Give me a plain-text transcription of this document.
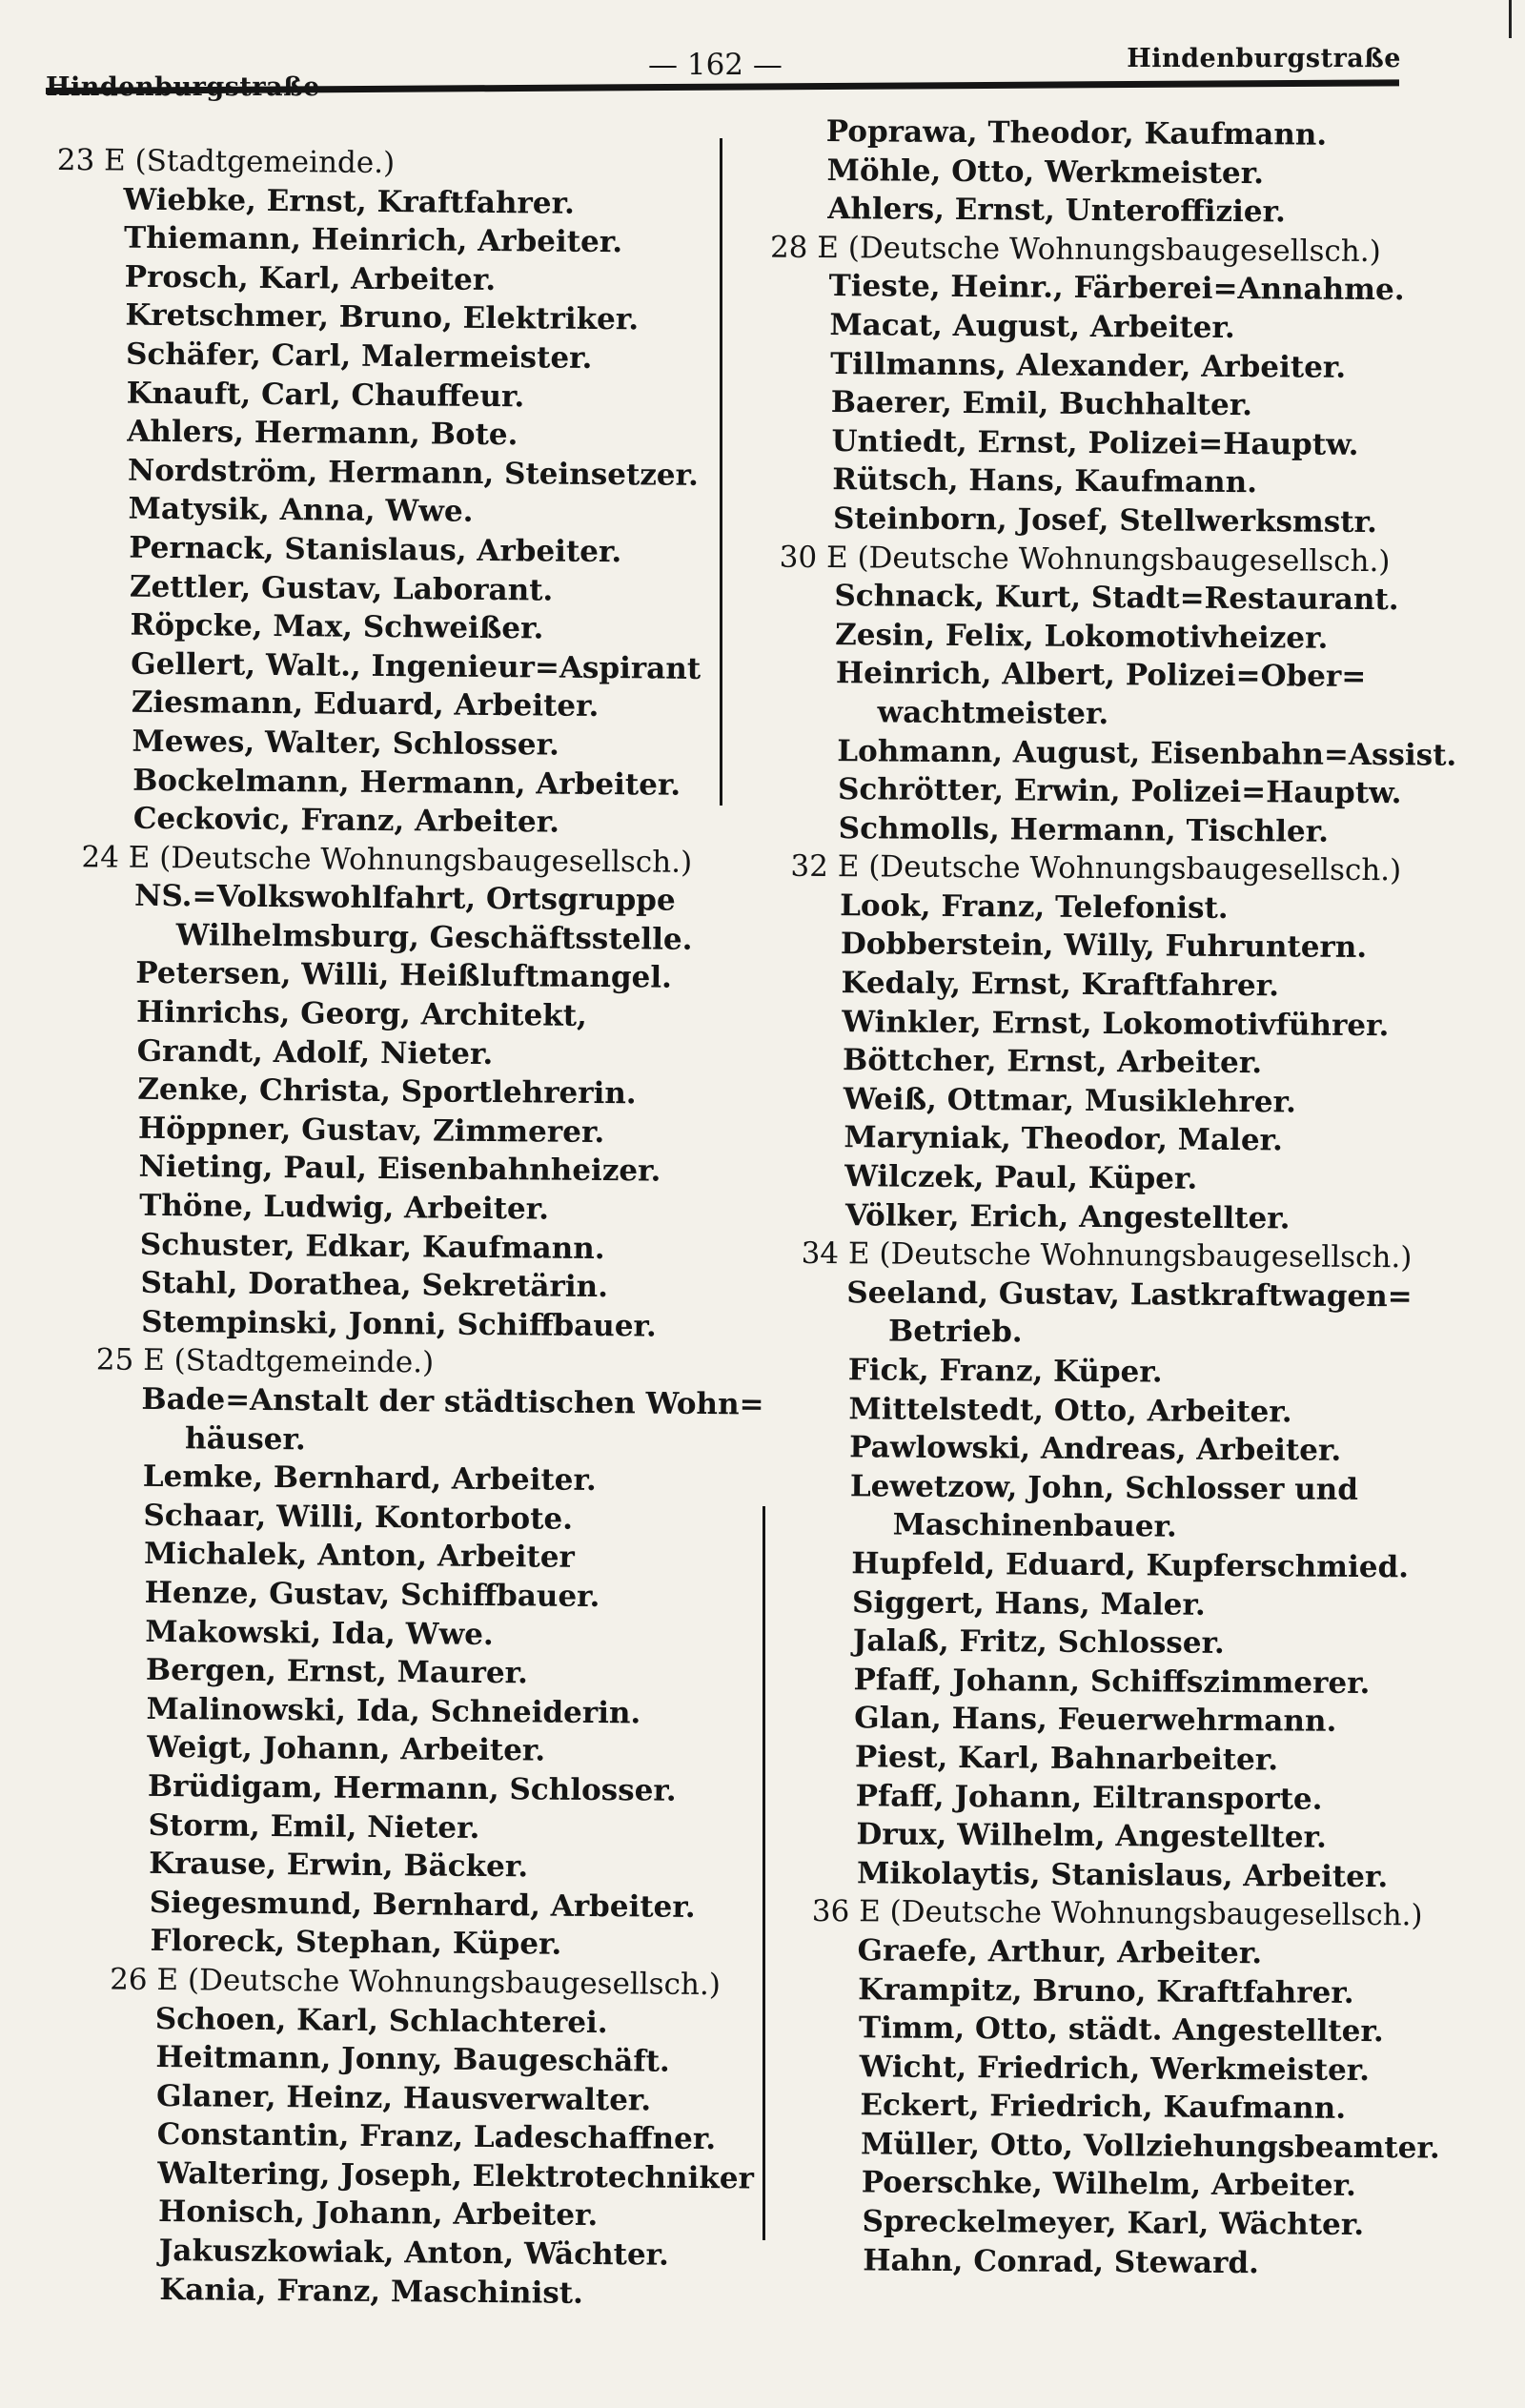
— 162 —	Hindenburgstraße
23 E (Stadtgemeinde.)
Wiebke, Ernst, Kraftfahrer.
Thiemann, Heinrich, Arbeiter.
Prosch, Karl, Arbeiter.
Kretschmer, Bruno, Elektriker.
Schäfer, Carl, Malermeister.
Knauft, Carl, Chauffeur.
Ahlers, Hermann, Bote.
Nordström, Hermann, Steinsetzer.
Matysik, Anna, Wwe.
Pernack, Stanislaus, Arbeiter.
Zettler, Gustav, Laborant.
Röpcke, Max, Schweißer.
Gellert, Walt., Ingenieur=Aspirant
Ziesmann, Eduard, Arbeiter.
Mewes, Walter, Schlosser.
Bockelmann, Hermann, Arbeiter.
Ceckovic, Franz, Arbeiter.
24 E (Deutsche Wohnungsbaugesellsch.)
NS.=Volkswohlfahrt, Ortsgruppe
Wilhelmsburg, Geschäftsstelle.
Petersen, Willi, Heißluftmangel.
Hinrichs, Georg, Architekt,
Grandt, Adolf, Nieter.
Zenke, Christa, Sportlehrerin.
Höppner, Gustav, Zimmerer.
Nieting, Paul, Eisenbahnheizer.
Thöne, Ludwig, Arbeiter.
Schuster, Edkar, Kaufmann.
Stahl, Dorathea, Sekretärin.
Stempinski, Jonni, Schiffbauer.
25 E (Stadtgemeinde.)
Bade=Anstalt der städtischen Wohn=
häuser.
Lemke, Bernhard, Arbeiter.
Schaar, Willi, Kontorbote.
Michalek, Anton, Arbeiter
Henze, Gustav, Schiffbauer.
Makowski, Ida, Wwe.
Bergen, Ernst, Maurer.
Malinowski, Ida, Schneiderin.
Weigt, Johann, Arbeiter.
Brüdigam, Hermann, Schlosser.
Storm, Emil, Nieter.
Krause, Erwin, Bäcker.
Siegesmund, Bernhard, Arbeiter.
Floreck, Stephan, Küper.
26 E (Deutsche Wohnungsbaugesellsch.)
Schoen, Karl, Schlachterei.
Heitmann, Jonny, Baugeschäft.
Glaner, Heinz, Hausverwalter.
Constantin, Franz, Ladeschaffner.
Waltering, Joseph, Elektrotechniker
Honisch, Johann, Arbeiter.
Jakuszkowiak, Anton, Wächter.
Kania, Franz, Maschinist.
Poprawa, Theodor, Kaufmann.
Möhle, Otto, Werkmeister.
Ahlers, Ernst, Unteroffizier.
28 E (Deutsche Wohnungsbaugesellsch.)
Tieste, Heinr., Färberei=Annahme.
Macat, August, Arbeiter.
Tillmanns, Alexander, Arbeiter.
Baerer, Emil, Buchhalter.
Untiedt, Ernst, Polizei=Hauptw.
Rütsch, Hans, Kaufmann.
Steinborn, Josef, Stellwerksmstr.
30 E (Deutsche Wohnungsbaugesellsch.)
Schnack, Kurt, Stadt=Restaurant.
Zesin, Felix, Lokomotivheizer.
Heinrich, Albert, Polizei=Ober=
wachtmeister.
Lohmann, August, Eisenbahn=Assist.
Schrötter, Erwin, Polizei=Hauptw.
Schmolls, Hermann, Tischler.
32 E (Deutsche Wohnungsbaugesellsch.)
Look, Franz, Telefonist.
Dobberstein, Willy, Fuhruntern.
Kedaly, Ernst, Kraftfahrer.
Winkler, Ernst, Lokomotivführer.
Böttcher, Ernst, Arbeiter.
Weiß, Ottmar, Musiklehrer.
Maryniak, Theodor, Maler.
Wilczek, Paul, Küper.
Völker, Erich, Angestellter.
34 E (Deutsche Wohnungsbaugesellsch.)
Seeland, Gustav, Lastkraftwagen=
Betrieb.
Fick, Franz, Küper.
Mittelstedt, Otto, Arbeiter.
Pawlowski, Andreas, Arbeiter.
Lewetzow, John, Schlosser und
Maschinenbauer.
Hupfeld, Eduard, Kupferschmied.
Siggert, Hans, Maler.
Jalaß, Fritz, Schlosser.
Pfaff, Johann, Schiffszimmerer.
Glan, Hans, Feuerwehrmann.
Piest, Karl, Bahnarbeiter.
Pfaff, Johann, Eiltransporte.
Drux, Wilhelm, Angestellter.
Mikolaytis, Stanislaus, Arbeiter.
36 E (Deutsche Wohnungsbaugesellsch.)
Graefe, Arthur, Arbeiter.
Krampitz, Bruno, Kraftfahrer.
Timm, Otto, städt. Angestellter.
Wicht, Friedrich, Werkmeister.
Eckert, Friedrich, Kaufmann.
Müller, Otto, Vollziehungsbeamter.
Poerschke, Wilhelm, Arbeiter.
Spreckelmeyer, Karl, Wächter.
Hahn, Conrad, Steward.
